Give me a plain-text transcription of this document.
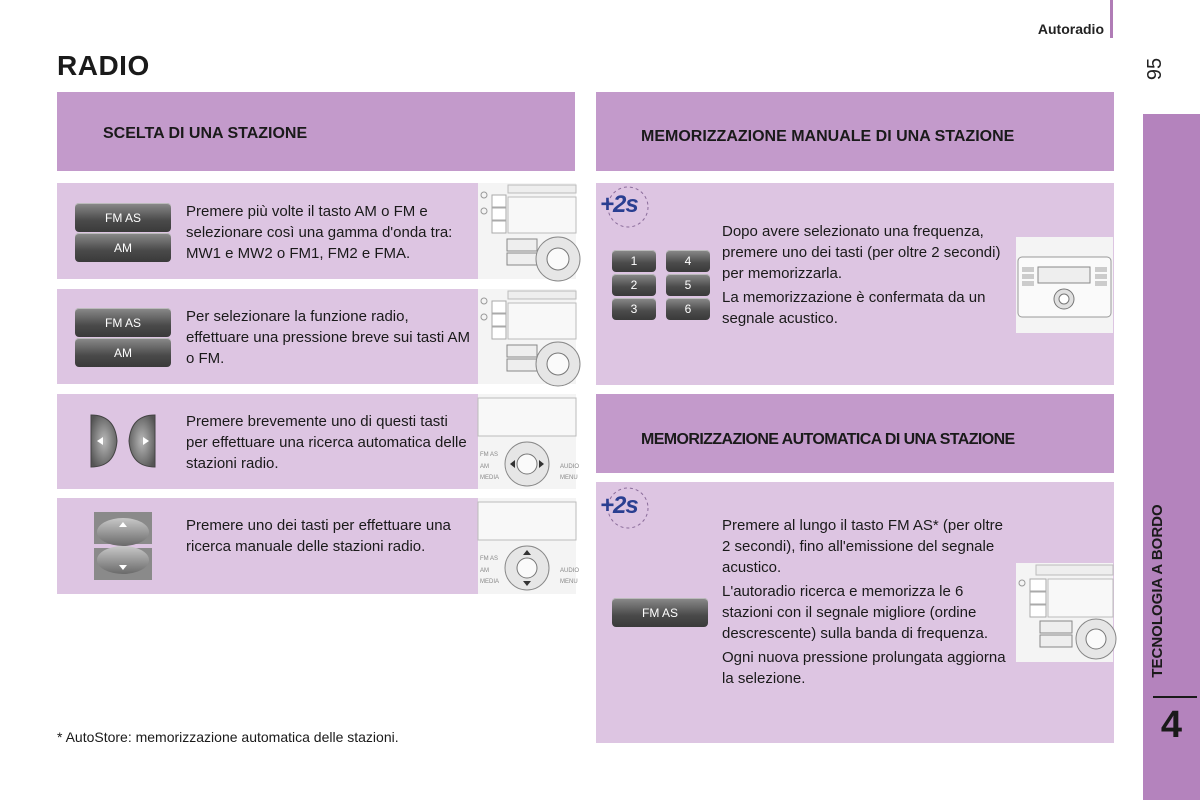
Autoradio
95
RADIO
TECNOLOGIA A BORDO
4
SCELTA DI UNA STAZIONE
FM AS
AM
Premere più volte il tasto AM o FM e selezionare così una gamma d'onda tra: MW1 e MW2 o FM1, FM2 e FMA.
FM AS
AM
Per selezionare la funzione radio, effettuare una pressione breve sui tasti AM o FM.
Premere brevemente uno di questi tasti per effettuare una ricerca automatica delle stazioni radio.	FM AS
AM
MEDIA
AUDIO
MENU
Premere uno dei tasti per effettuare una ricerca manuale delle stazioni radio.
FM AS
AM
MEDIA
AUDIO
MENU
MEMORIZZAZIONE MANUALE DI UNA STAZIONE
+2s
1
2
3
4
5
6

Dopo avere selezionato una frequenza, premere uno dei tasti (per oltre 2 secondi) per memorizzarla.

La memorizzazione è confermata da un segnale acustico.

MEMORIZZAZIONE AUTOMATICA DI UNA STAZIONE
+2s
FM AS

Premere al lungo il tasto FM AS* (per oltre 2 secondi), fino all'emissione del segnale acustico.

L'autoradio ricerca e memorizza le 6 stazioni con il segnale migliore (ordine descrescente) sulla banda di frequenza.

Ogni nuova pressione prolungata aggiorna la selezione.

* AutoStore: memorizzazione automatica delle stazioni.
